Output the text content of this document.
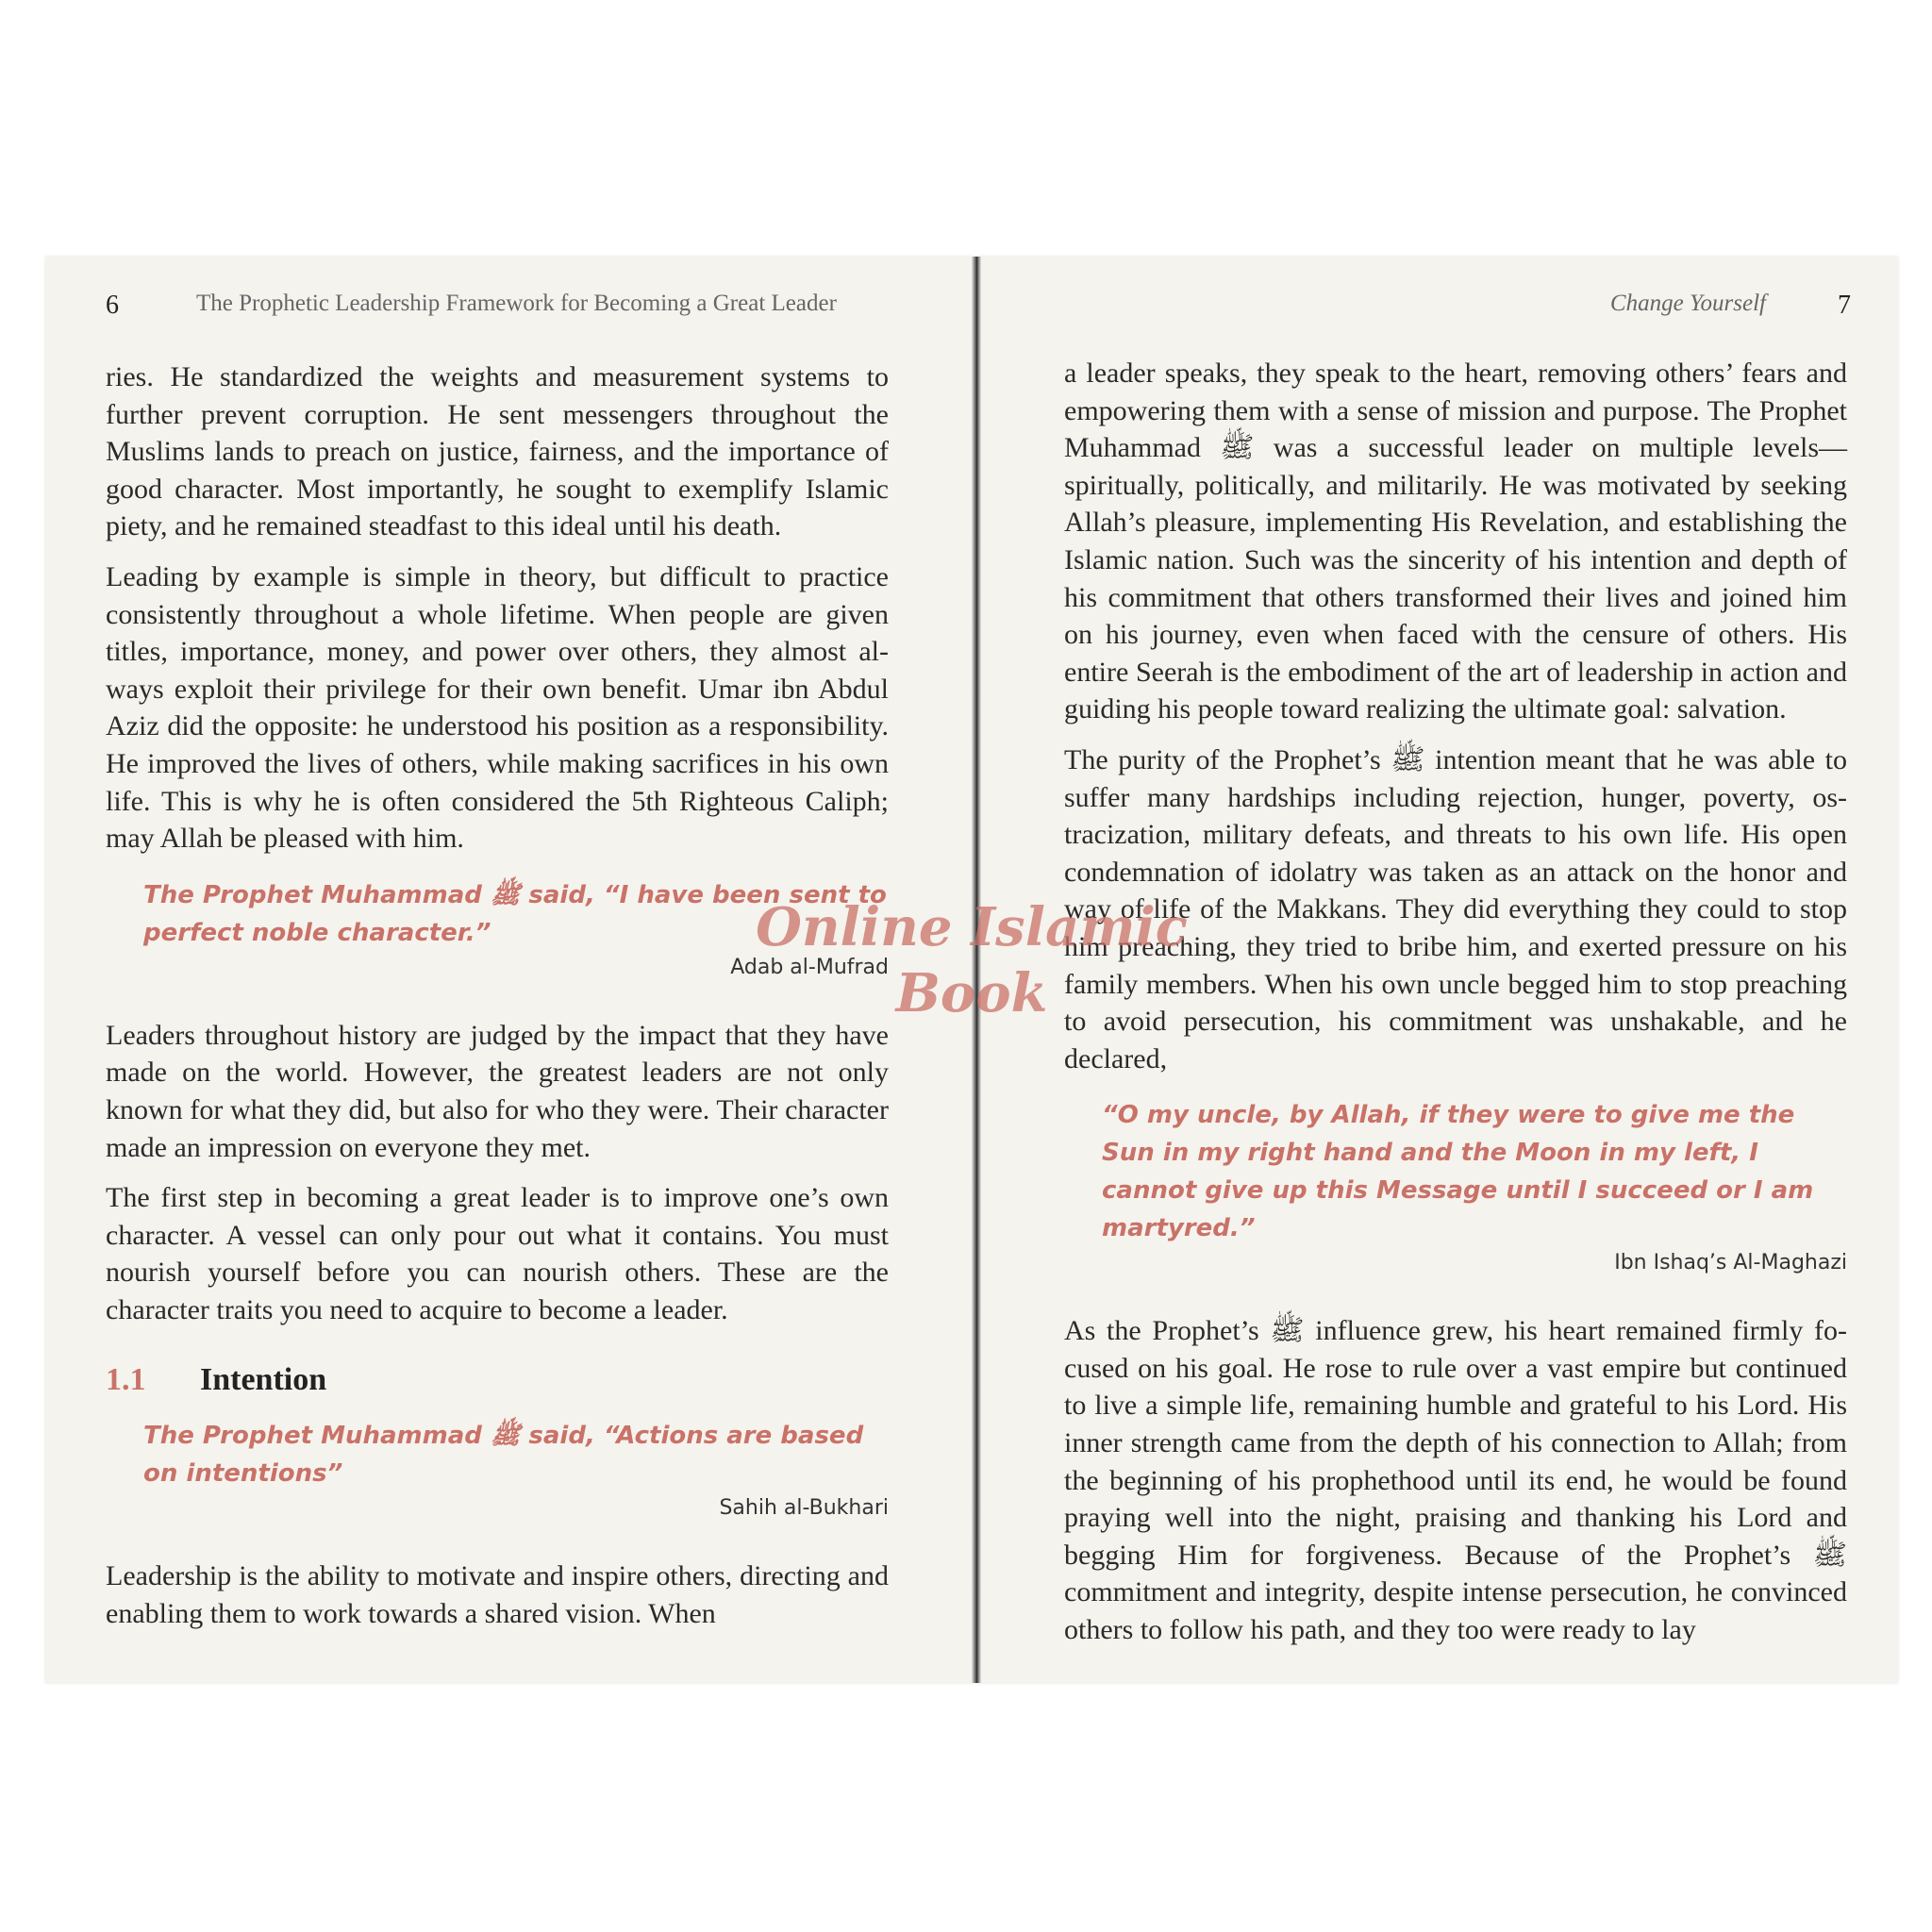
6	The Prophetic Leadership Framework for Becoming a Great Leader

ries. He standardized the weights and measurement systems to further prevent corruption. He sent messengers throughout the Muslims lands to preach on justice, fairness, and the importance of good character. Most importantly, he sought to exemplify Islamic piety, and he remained steadfast to this ideal until his death.

Leading by example is simple in theory, but difficult to practice consistently throughout a whole lifetime. When people are given titles, importance, money, and power over others, they almost always exploit their privilege for their own benefit. Umar ibn Abdul Aziz did the opposite: he understood his position as a responsibility. He improved the lives of others, while making sacrifices in his own life. This is why he is often considered the 5th Righteous Caliph; may Allah be pleased with him.

The Prophet Muhammad ﷺ said, “I have been sent to perfect noble character.”
Adab al-Mufrad

Leaders throughout history are judged by the impact that they have made on the world. However, the greatest leaders are not only known for what they did, but also for who they were. Their character made an impression on everyone they met.

The first step in becoming a great leader is to improve one’s own character. A vessel can only pour out what it contains. You must nourish yourself before you can nourish others. These are the character traits you need to acquire to become a leader.

1.1	Intention
The Prophet Muhammad ﷺ said, “Actions are based on intentions”
Sahih al-Bukhari

Leadership is the ability to motivate and inspire others, directing and enabling them to work towards a shared vision. When

Change Yourself	7

a leader speaks, they speak to the heart, removing others’ fears and empowering them with a sense of mission and purpose. The Prophet Muhammad ﷺ was a successful leader on multiple levels—spiritually, politically, and militarily. He was motivated by seeking Allah’s pleasure, implementing His Revelation, and establishing the Islamic nation. Such was the sincerity of his intention and depth of his commitment that others transformed their lives and joined him on his journey, even when faced with the censure of others. His entire Seerah is the embodiment of the art of leadership in action and guiding his people toward realizing the ultimate goal: salvation.

The purity of the Prophet’s ﷺ intention meant that he was able to suffer many hardships including rejection, hunger, poverty, ostracization, military defeats, and threats to his own life. His open condemnation of idolatry was taken as an attack on the honor and way of life of the Makkans. They did everything they could to stop him preaching, they tried to bribe him, and exerted pressure on his family members. When his own uncle begged him to stop preaching to avoid persecution, his commitment was unshakable, and he declared,

“O my uncle, by Allah, if they were to give me the Sun in my right hand and the Moon in my left, I cannot give up this Message until I succeed or I am martyred.”
Ibn Ishaq’s Al-Maghazi

As the Prophet’s ﷺ influence grew, his heart remained firmly focused on his goal. He rose to rule over a vast empire but continued to live a simple life, remaining humble and grateful to his Lord. His inner strength came from the depth of his connection to Allah; from the beginning of his prophethood until its end, he would be found praying well into the night, praising and thanking his Lord and begging Him for forgiveness. Because of the Prophet’s ﷺ commitment and integrity, despite intense persecution, he convinced others to follow his path, and they too were ready to lay

Online Islamic
Book
